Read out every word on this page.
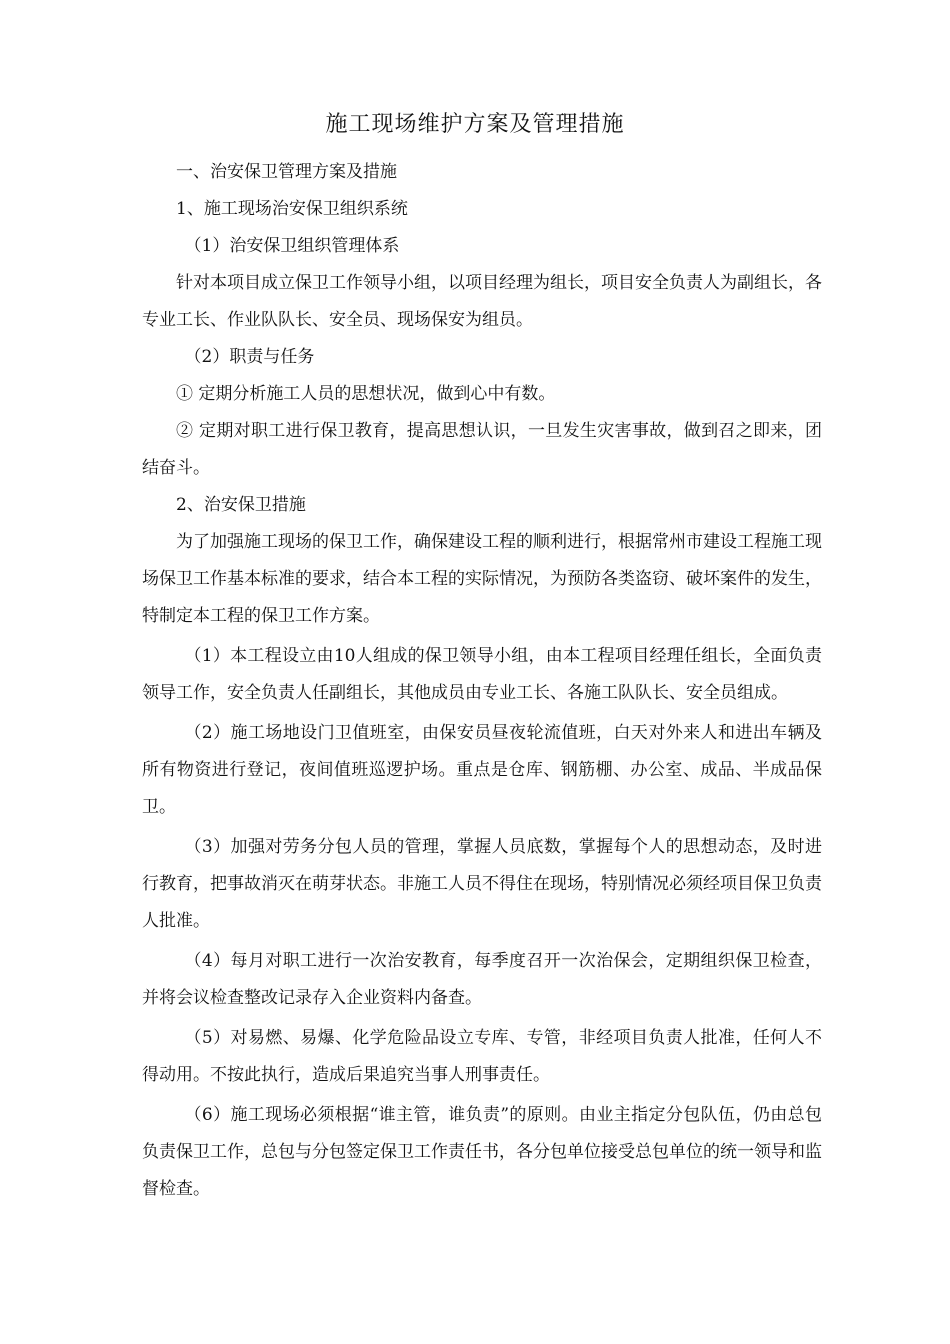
施工现场维护方案及管理措施

一、治安保卫管理方案及措施

1、施工现场治安保卫组织系统

（1）治安保卫组织管理体系

针对本项目成立保卫工作领导小组，以项目经理为组长，项目安全负责人为副组长，各专业工长、作业队队长、安全员、现场保安为组员。

（2）职责与任务

① 定期分析施工人员的思想状况，做到心中有数。

② 定期对职工进行保卫教育，提高思想认识，一旦发生灾害事故，做到召之即来，团结奋斗。

2、治安保卫措施

为了加强施工现场的保卫工作，确保建设工程的顺利进行，根据常州市建设工程施工现场保卫工作基本标准的要求，结合本工程的实际情况，为预防各类盗窃、破坏案件的发生，特制定本工程的保卫工作方案。

（1）本工程设立由10人组成的保卫领导小组，由本工程项目经理任组长，全面负责领导工作，安全负责人任副组长，其他成员由专业工长、各施工队队长、安全员组成。

（2）施工场地设门卫值班室，由保安员昼夜轮流值班，白天对外来人和进出车辆及所有物资进行登记，夜间值班巡逻护场。重点是仓库、钢筋棚、办公室、成品、半成品保卫。

（3）加强对劳务分包人员的管理，掌握人员底数，掌握每个人的思想动态，及时进行教育，把事故消灭在萌芽状态。非施工人员不得住在现场，特别情况必须经项目保卫负责人批准。

（4）每月对职工进行一次治安教育，每季度召开一次治保会，定期组织保卫检查，并将会议检查整改记录存入企业资料内备查。

（5）对易燃、易爆、化学危险品设立专库、专管，非经项目负责人批准，任何人不得动用。不按此执行，造成后果追究当事人刑事责任。

（6）施工现场必须根据“谁主管，谁负责”的原则。由业主指定分包队伍，仍由总包负责保卫工作，总包与分包签定保卫工作责任书，各分包单位接受总包单位的统一领导和监督检查。
